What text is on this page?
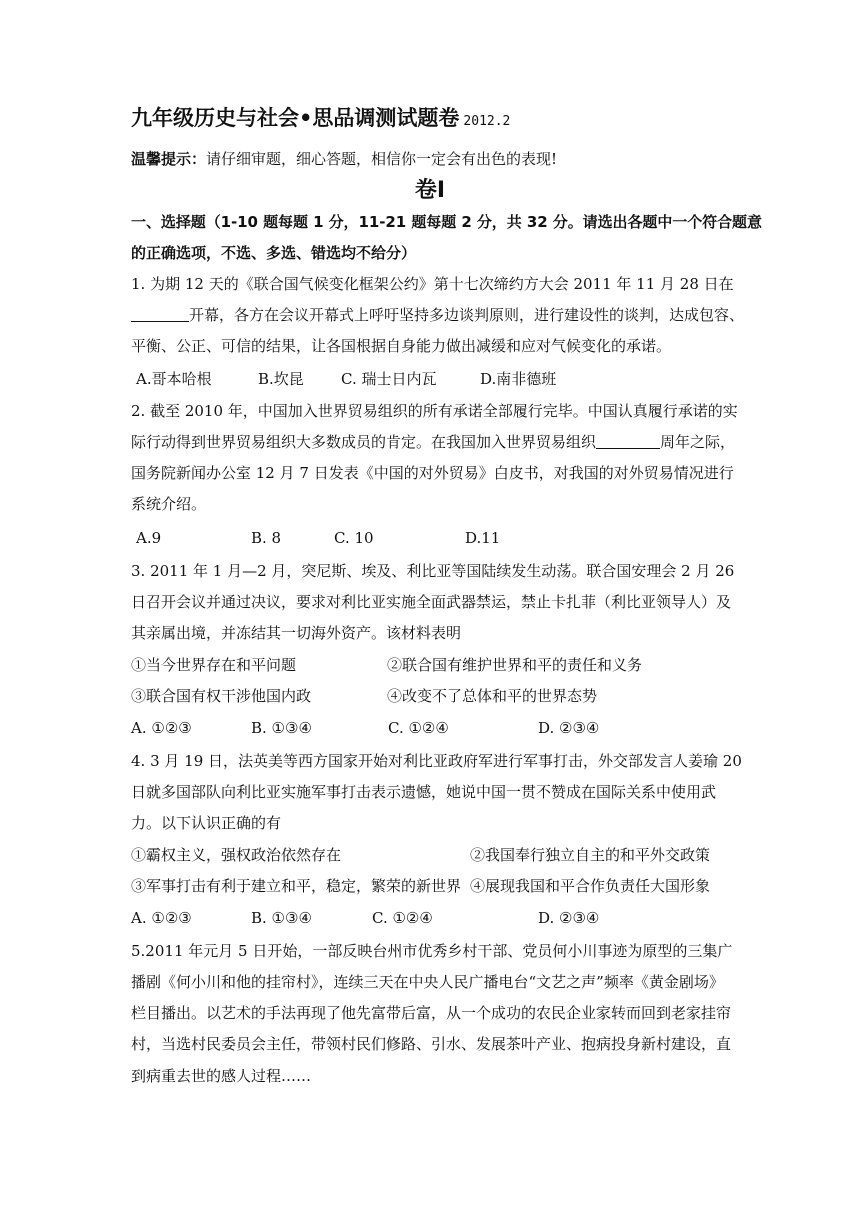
九年级历史与社会•思品调测试题卷 2012.2
温馨提示：请仔细审题，细心答题，相信你一定会有出色的表现!
卷Ⅰ
一、选择题（1-10 题每题 1 分，11-21 题每题 2 分，共 32 分。请选出各题中一个符合题意
的正确选项，不选、多选、错选均不给分）
1. 为期 12 天的《联合国气候变化框架公约》第十七次缔约方大会 2011 年 11 月 28 日在
开幕，各方在会议开幕式上呼吁坚持多边谈判原则，进行建设性的谈判，达成包容、
平衡、公正、可信的结果，让各国根据自身能力做出减缓和应对气候变化的承诺。
A.哥本哈根	B.坎昆 C. 瑞士日内瓦	D.南非德班
2. 截至 2010 年，中国加入世界贸易组织的所有承诺全部履行完毕。中国认真履行承诺的实
际行动得到世界贸易组织大多数成员的肯定。在我国加入世界贸易组织	周年之际，
国务院新闻办公室 12 月 7 日发表《中国的对外贸易》白皮书，对我国的对外贸易情况进行
系统介绍。
A.9	B. 8	C. 10	D.11
3. 2011 年 1 月—2 月，突尼斯、埃及、利比亚等国陆续发生动荡。联合国安理会 2 月 26
日召开会议并通过决议，要求对利比亚实施全面武器禁运，禁止卡扎菲（利比亚领导人）及
其亲属出境，并冻结其一切海外资产。该材料表明
①当今世界存在和平问题	②联合国有维护世界和平的责任和义务
③联合国有权干涉他国内政	④改变不了总体和平的世界态势
A. ①②③	B. ①③④	C. ①②④	D. ②③④
4. 3 月 19 日，法英美等西方国家开始对利比亚政府军进行军事打击，外交部发言人姜瑜 20
日就多国部队向利比亚实施军事打击表示遗憾，她说中国一贯不赞成在国际关系中使用武
力。以下认识正确的有
①霸权主义，强权政治依然存在	②我国奉行独立自主的和平外交政策
③军事打击有利于建立和平，稳定，繁荣的新世界 ④展现我国和平合作负责任大国形象
A. ①②③	B. ①③④	C. ①②④	D. ②③④
5.2011 年元月 5 日开始，一部反映台州市优秀乡村干部、党员何小川事迹为原型的三集广
播剧《何小川和他的挂帘村》，连续三天在中央人民广播电台“文艺之声”频率《黄金剧场》
栏目播出。以艺术的手法再现了他先富带后富，从一个成功的农民企业家转而回到老家挂帘
村，当选村民委员会主任，带领村民们修路、引水、发展茶叶产业、抱病投身新村建设，直
到病重去世的感人过程……
